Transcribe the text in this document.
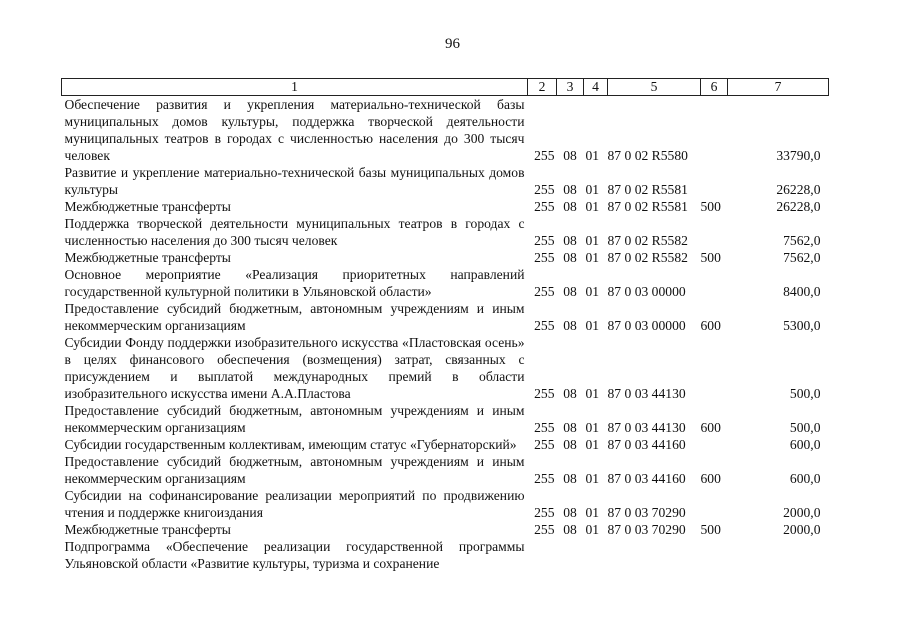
96
1	2	3	4	5	6	7
Обеспечение развития и укрепления материально-технической базы муниципальных домов культуры, поддержка творческой деятельности муниципальных театров в городах с численностью населения до 300 тысяч человек	255	08	01	87 0 02 R5580		33790,0
Развитие и укрепление материально-технической базы муниципальных домов культуры	255	08	01	87 0 02 R5581		26228,0
Межбюджетные трансферты	255	08	01	87 0 02 R5581	500	26228,0
Поддержка творческой деятельности муниципальных театров в городах с численностью населения до 300 тысяч человек	255	08	01	87 0 02 R5582		7562,0
Межбюджетные трансферты	255	08	01	87 0 02 R5582	500	7562,0
Основное мероприятие «Реализация приоритетных направлений государственной культурной политики в Ульяновской области»	255	08	01	87 0 03 00000		8400,0
Предоставление субсидий бюджетным, автономным учреждениям и иным некоммерческим организациям	255	08	01	87 0 03 00000	600	5300,0
Субсидии Фонду поддержки изобразительного искусства «Пластовская осень» в целях финансового обеспечения (возмещения) затрат, связанных с присуждением и выплатой международных премий в области изобразительного искусства имени А.А.Пластова	255	08	01	87 0 03 44130		500,0
Предоставление субсидий бюджетным, автономным учреждениям и иным некоммерческим организациям	255	08	01	87 0 03 44130	600	500,0
Субсидии государственным коллективам, имеющим статус «Губернаторский»	255	08	01	87 0 03 44160		600,0
Предоставление субсидий бюджетным, автономным учреждениям и иным некоммерческим организациям	255	08	01	87 0 03 44160	600	600,0
Субсидии на софинансирование реализации мероприятий по продвижению чтения и поддержке книгоиздания	255	08	01	87 0 03 70290		2000,0
Межбюджетные трансферты	255	08	01	87 0 03 70290	500	2000,0
Подпрограмма «Обеспечение реализации государственной программы Ульяновской области «Развитие культуры, туризма и сохранение						
